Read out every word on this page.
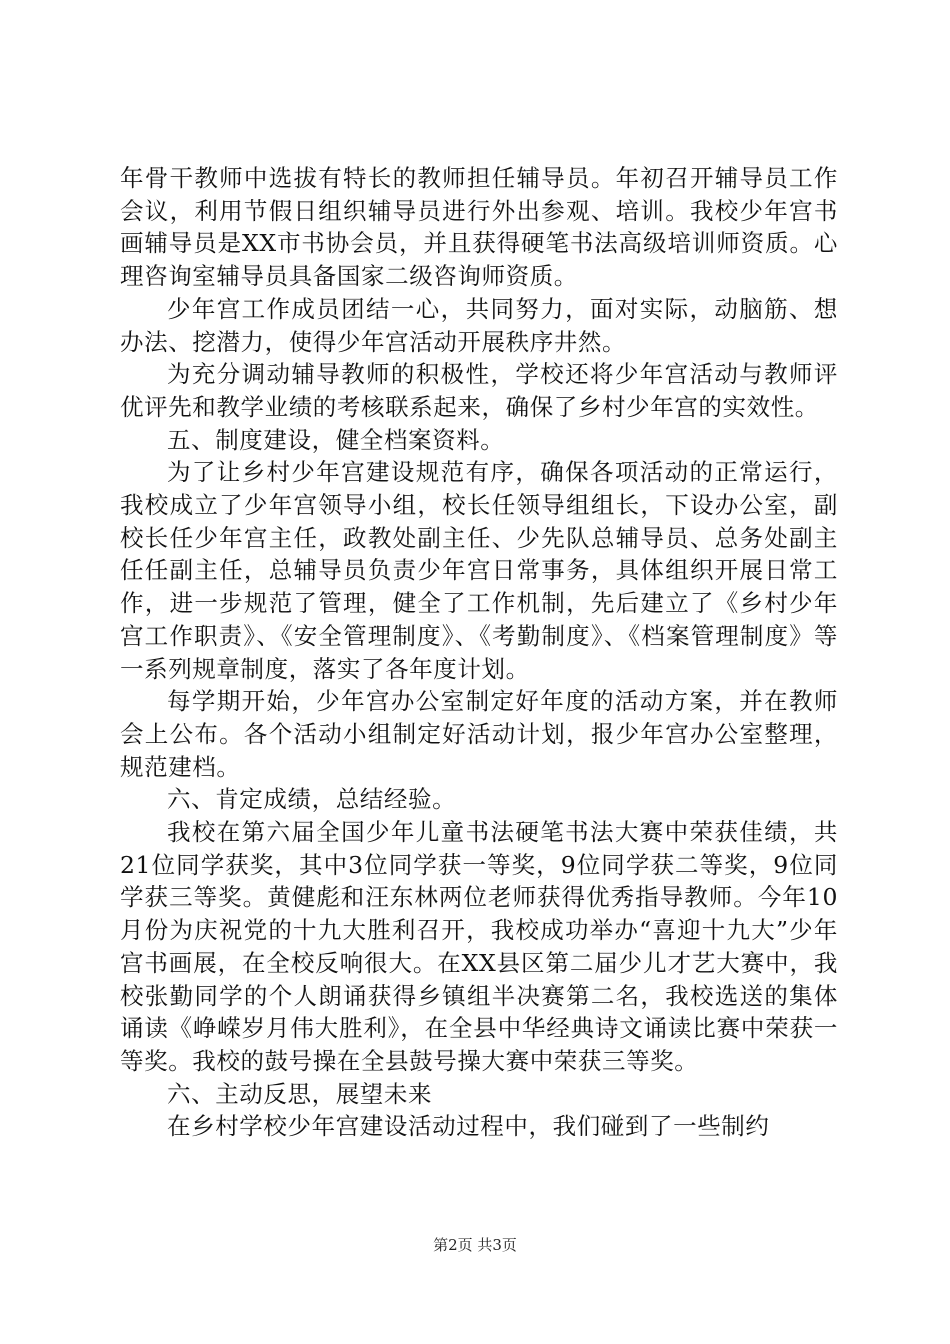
年骨干教师中选拔有特长的教师担任辅导员。年初召开辅导员工作会议，利用节假日组织辅导员进行外出参观、培训。我校少年宫书画辅导员是XX市书协会员，并且获得硬笔书法高级培训师资质。心理咨询室辅导员具备国家二级咨询师资质。

少年宫工作成员团结一心，共同努力，面对实际，动脑筋、想办法、挖潜力，使得少年宫活动开展秩序井然。

为充分调动辅导教师的积极性，学校还将少年宫活动与教师评优评先和教学业绩的考核联系起来，确保了乡村少年宫的实效性。

五、制度建设，健全档案资料。

为了让乡村少年宫建设规范有序，确保各项活动的正常运行，我校成立了少年宫领导小组，校长任领导组组长，下设办公室，副校长任少年宫主任，政教处副主任、少先队总辅导员、总务处副主任任副主任，总辅导员负责少年宫日常事务，具体组织开展日常工作，进一步规范了管理，健全了工作机制，先后建立了《乡村少年宫工作职责》、《安全管理制度》、《考勤制度》、《档案管理制度》等一系列规章制度，落实了各年度计划。

每学期开始，少年宫办公室制定好年度的活动方案，并在教师会上公布。各个活动小组制定好活动计划，报少年宫办公室整理，规范建档。

六、肯定成绩，总结经验。

我校在第六届全国少年儿童书法硬笔书法大赛中荣获佳绩，共21位同学获奖，其中3位同学获一等奖，9位同学获二等奖，9位同学获三等奖。黄健彪和汪东林两位老师获得优秀指导教师。今年10月份为庆祝党的十九大胜利召开，我校成功举办“喜迎十九大”少年宫书画展，在全校反响很大。在XX县区第二届少儿才艺大赛中，我校张勤同学的个人朗诵获得乡镇组半决赛第二名，我校选送的集体诵读《峥嵘岁月伟大胜利》，在全县中华经典诗文诵读比赛中荣获一等奖。我校的鼓号操在全县鼓号操大赛中荣获三等奖。

六、主动反思，展望未来

在乡村学校少年宫建设活动过程中，我们碰到了一些制约

第2页 共3页
